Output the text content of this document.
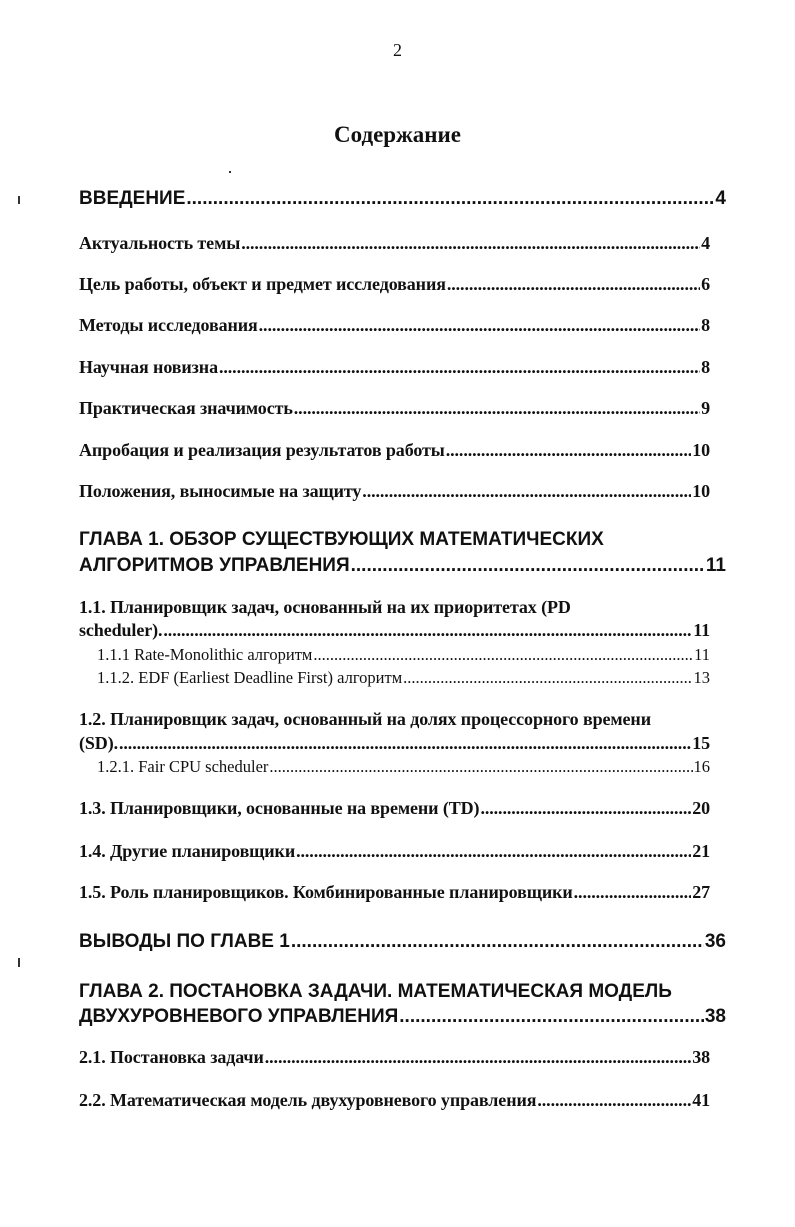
2
Содержание
ВВЕДЕНИЕ .....	4
Актуальность темы .....	4
Цель работы, объект и предмет исследования .....	6
Методы исследования .....	8
Научная новизна .....	8
Практическая значимость .....	9
Апробация и реализация результатов работы .....	10
Положения, выносимые на защиту .....	10
ГЛАВА 1. ОБЗОР СУЩЕСТВУЮЩИХ МАТЕМАТИЧЕСКИХ
АЛГОРИТМОВ УПРАВЛЕНИЯ .....	11
1.1. Планировщик задач, основанный на их приоритетах (PD
scheduler). .....	11
1.1.1 Rate-Monolithic алгоритм .....	11
1.1.2. EDF (Earliest Deadline First) алгоритм .....	13
1.2. Планировщик задач, основанный на долях процессорного времени
(SD). .....	15
1.2.1. Fair CPU scheduler .....	16
1.3. Планировщики, основанные на времени (TD) .....	20
1.4. Другие планировщики .....	21
1.5. Роль планировщиков. Комбинированные планировщики .....	27
ВЫВОДЫ ПО ГЛАВЕ 1 .....	36
ГЛАВА 2. ПОСТАНОВКА ЗАДАЧИ. МАТЕМАТИЧЕСКАЯ МОДЕЛЬ
ДВУХУРОВНЕВОГО УПРАВЛЕНИЯ .....	38
2.1. Постановка задачи .....	38
2.2. Математическая модель двухуровневого управления .....	41
